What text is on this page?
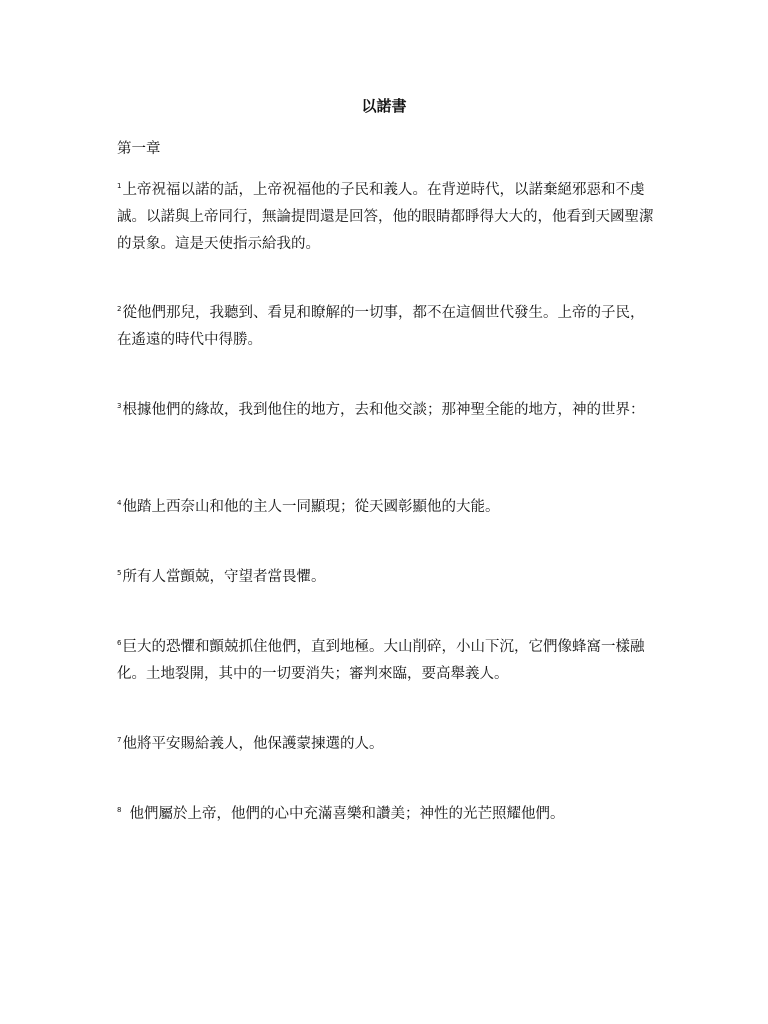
以諾書
第一章

$^1$上帝祝福以諾的話，上帝祝福他的子民和義人。在背逆時代，以諾棄絕邪惡和不虔誠。以諾與上帝同行，無論提問還是回答，他的眼睛都睜得大大的，他看到天國聖潔的景象。這是天使指示給我的。

$^2$從他們那兒，我聽到、看見和瞭解的一切事，都不在這個世代發生。上帝的子民，在遙遠的時代中得勝。

$^3$根據他們的緣故，我到他住的地方，去和他交談；那神聖全能的地方，神的世界：

$^4$他踏上西奈山和他的主人一同顯現；從天國彰顯他的大能。

$^5$所有人當顫兢，守望者當畏懼。

$^6$巨大的恐懼和顫兢抓住他們，直到地極。大山削碎，小山下沉，它們像蜂窩一樣融化。土地裂開，其中的一切要消失；審判來臨，要高舉義人。

$^7$他將平安賜給義人，他保護蒙揀選的人。

$^8$ 他們屬於上帝，他們的心中充滿喜樂和讚美；神性的光芒照耀他們。
